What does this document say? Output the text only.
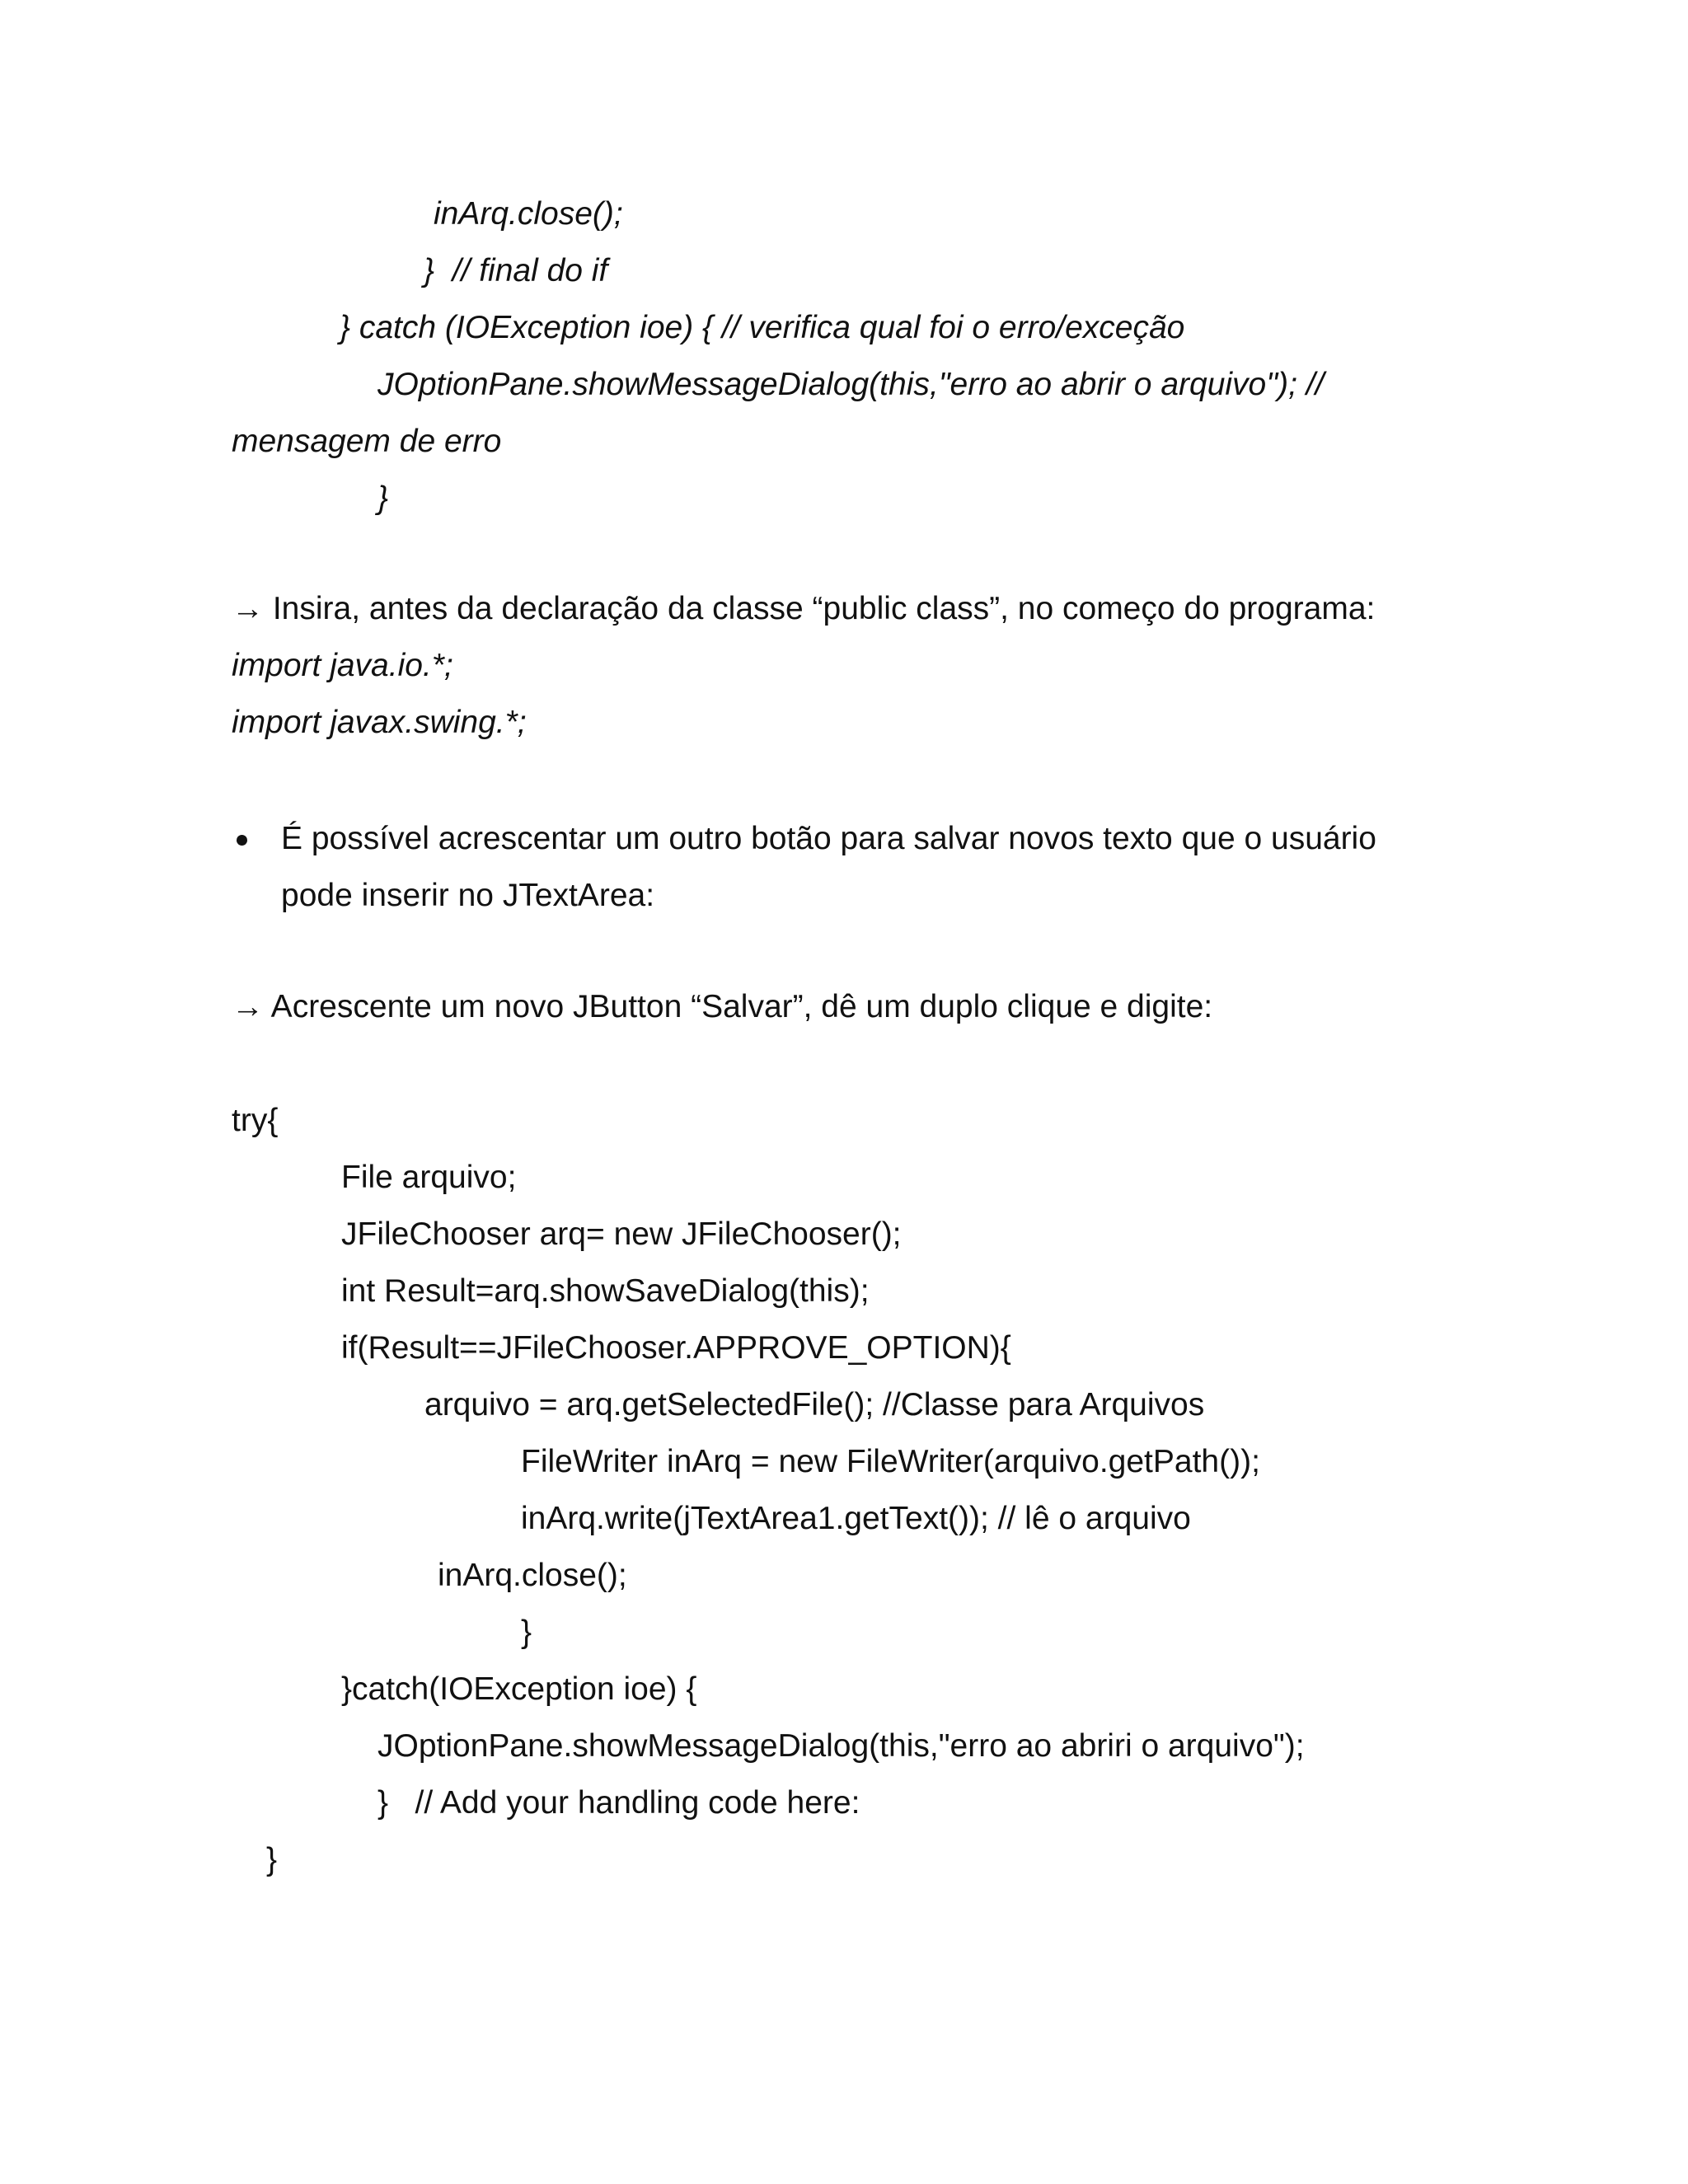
inArq.close();
}  // final do if
} catch (IOException ioe) { // verifica qual foi o erro/exceção
JOptionPane.showMessageDialog(this,"erro ao abrir o arquivo"); //
mensagem de erro
}
→ Insira, antes da declaração da classe “public class”, no começo do programa:
import java.io.*;
import javax.swing.*;
É possível acrescentar um outro botão para salvar novos texto que o usuário
pode inserir no JTextArea:
→ Acrescente um novo JButton “Salvar”, dê um duplo clique e digite:
try{
File arquivo;
JFileChooser arq= new JFileChooser();
int Result=arq.showSaveDialog(this);
if(Result==JFileChooser.APPROVE_OPTION){
arquivo = arq.getSelectedFile(); //Classe para Arquivos
FileWriter inArq = new FileWriter(arquivo.getPath());
inArq.write(jTextArea1.getText()); // lê o arquivo
inArq.close();
}
}catch(IOException ioe) {
JOptionPane.showMessageDialog(this,"erro ao abriri o arquivo");
}   // Add your handling code here:
}
